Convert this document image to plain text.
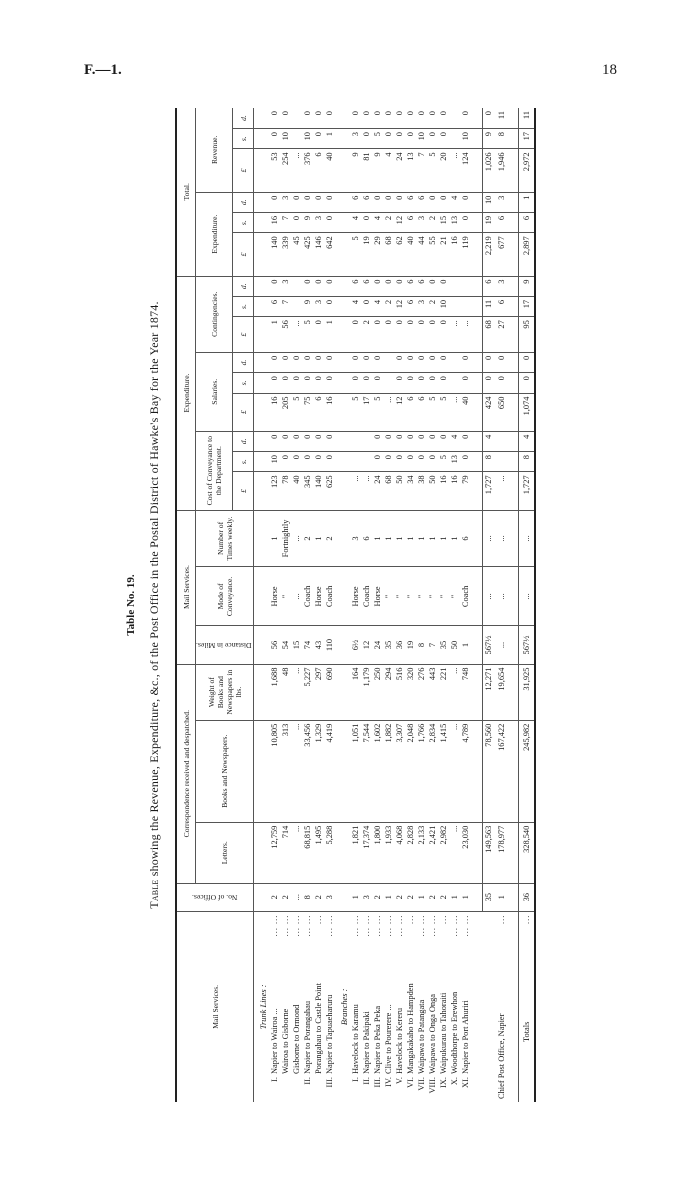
F.—1.	18
Table No. 19.
Table showing the Revenue, Expenditure, &c., of the Post Office in the Postal District of Hawke's Bay for the Year 1874.
Mail Services.	No. of Offices.	Correspondence received and despatched.			Mail Services.			Expenditure.									Total.					
		Letters.	Books and Newspapers.	Weight of Books and Newspapers in lbs.	Distance in Miles.	Mode of Conveyance.	Number of Times weekly.	Cost of Conveyance to the Department.			Salaries.			Contingencies.			Expenditure.			Revenue.		
								£	s.	d.	£	s.	d.	£	s.	d.	£	s.	d.	£	s.	d.
Trunk Lines :																						
I.Napier to Wairoa ...
... ...	2	12,759	10,805	1,688	56	Horse	1	123	10	0	16	0	0	1	6	0	140	16	0	53	0	0
Wairoa to Gisborne
... ...	2	714	313	48	54	"	Fortnightly	78	0	0	205	0	0	56	7	3	339	7	3	254	10	0
Gisborne to Ormond
... ...	...	...	...	...	15	...	...	40	0	0	5	0	0	...			45	0	0	...		
II.Napier to Porangahau
... ...	8	68,815	33,456	5,227	74	Coach	2	345	0	0	75	0	0	5	9	0	425	9	0	376	10	0
Porangahau to Castle Point
...	2	1,495	1,329	297	43	Horse	1	140	0	0	6	0	0	0	3	0	146	3	0	6	0	0
III.Napier to Tapuaeharuru
... ...	3	5,288	4,419	690	110	Coach	2	625	0	0	16	0	0	1	0	0	642	0	0	40	1	0
Branches :																						
I.Havelock to Karamu
... ...	1	1,821	1,051	164	6½	Horse	3	...			5	0	0	0	4	6	5	4	6	9	3	0
II.Napier to Pakipaki
... ...	3	17,374	7,544	1,179	12	Coach	6	...			17	0	0	2	0	6	19	0	6	81	0	0
III.Napier to Peka Peka
... ...	2	1,800	1,602	250	24	Horse	1	24	0	0	5	0	0	0	4	0	29	4	0	9	5	0
IV.Clive to Pourerere ...
... ...	1	1,933	1,882	294	35	"	1	68	0	0	...			0	2	0	68	2	0	4	0	0
V.Havelock to Kereru
... ...	2	4,068	3,307	516	36	"	1	50	0	0	12	0	0	0	12	0	62	12	0	24	0	0
VI.Mangakakaho to Hampden
...	2	2,828	2,048	320	19	"	1	34	0	0	6	0	0	0	6	6	40	6	6	13	0	0
VII.Waipawa to Patangata
... ...	1	2,133	1,766	276	8	"	1	38	0	0	6	0	0	0	3	6	44	3	6	7	10	0
VIII.Waipawa to Onga Onga
... ...	2	2,421	2,834	443	7	"	1	50	0	0	5	0	0	0	2	0	55	2	0	5	0	0
IX.Waipukurau to Tahoraiti
...	2	2,982	1,415	221	35	"	1	16	5	0	5	0	0	0	10	0	21	15	0	20	0	0
X.Woodthorpe to Erewhon
... ...	1	...	...	...	50	"	1	16	13	4	...			...			16	13	4	...		
XI.Napier to Port Ahuriri
... ...	1	23,030	4,789	748	1	Coach	6	79	0	0	40	0	0	...			119	0	0	124	10	0

	35	149,563	78,560	12,271	567½	...	...	1,727	8	4	424	0	0	68	11	6	2,219	19	10	1,026	9	0
Chief Post Office, Napier
...	1	178,977	167,422	19,654	...	...	...	...			650	0	0	27	6	3	677	6	3	1,946	8	11

Totals
...	36	328,540	245,982	31,925	567½	...	...	1,727	8	4	1,074	0	0	95	17	9	2,897	6	1	2,972	17	11
